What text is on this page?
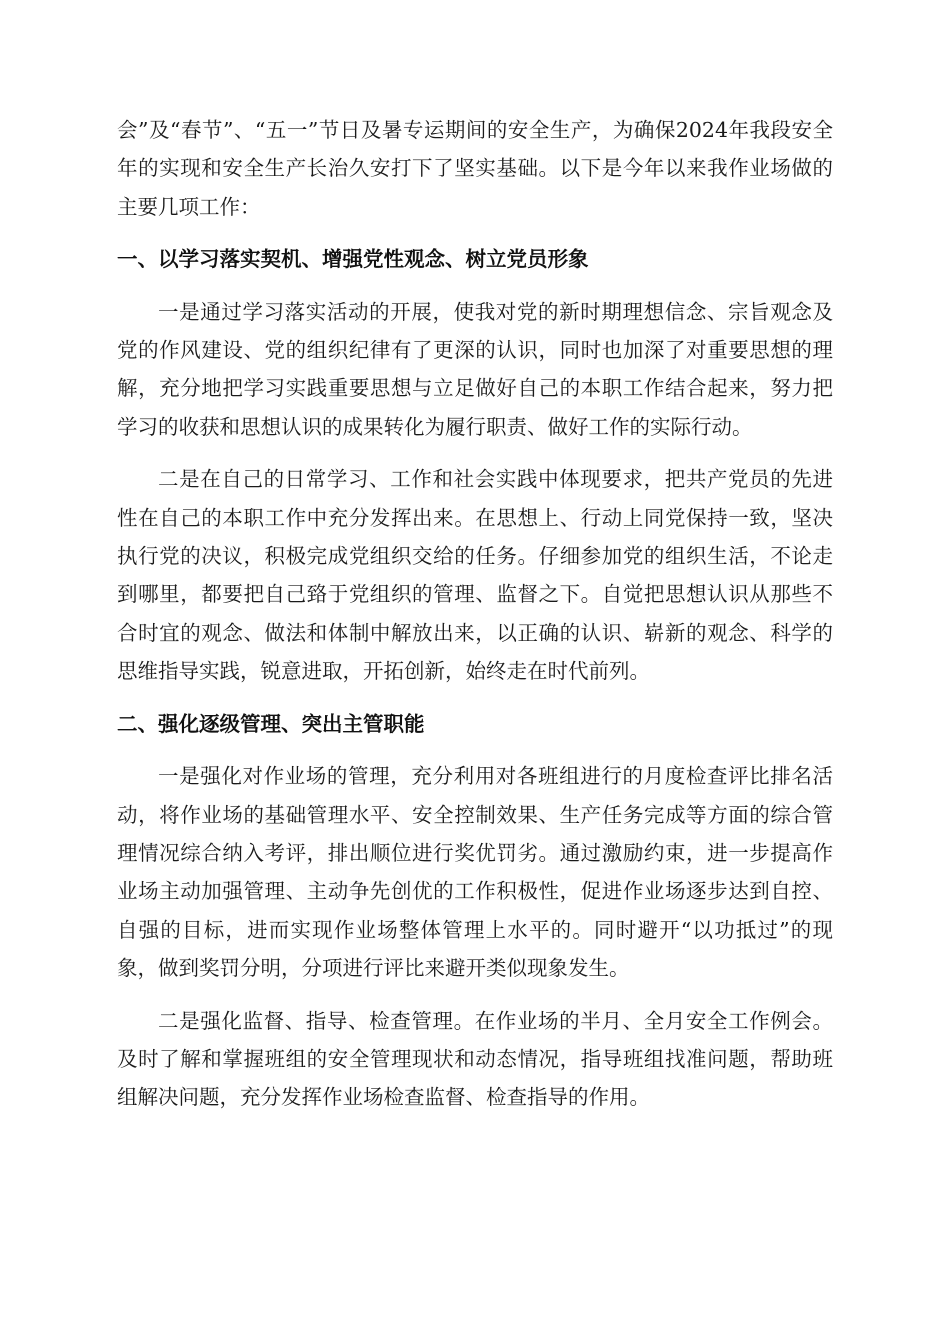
会”及“春节”、“五一”节日及暑专运期间的安全生产，为确保2024年我段安全年的实现和安全生产长治久安打下了坚实基础。以下是今年以来我作业场做的主要几项工作：

一、以学习落实契机、增强党性观念、树立党员形象

一是通过学习落实活动的开展，使我对党的新时期理想信念、宗旨观念及党的作风建设、党的组织纪律有了更深的认识，同时也加深了对重要思想的理解，充分地把学习实践重要思想与立足做好自己的本职工作结合起来，努力把学习的收获和思想认识的成果转化为履行职责、做好工作的实际行动。

二是在自己的日常学习、工作和社会实践中体现要求，把共产党员的先进性在自己的本职工作中充分发挥出来。在思想上、行动上同党保持一致，坚决执行党的决议，积极完成党组织交给的任务。仔细参加党的组织生活，不论走到哪里，都要把自己臵于党组织的管理、监督之下。自觉把思想认识从那些不合时宜的观念、做法和体制中解放出来，以正确的认识、崭新的观念、科学的思维指导实践，锐意进取，开拓创新，始终走在时代前列。

二、强化逐级管理、突出主管职能

一是强化对作业场的管理，充分利用对各班组进行的月度检查评比排名活动，将作业场的基础管理水平、安全控制效果、生产任务完成等方面的综合管理情况综合纳入考评，排出顺位进行奖优罚劣。通过激励约束，进一步提高作业场主动加强管理、主动争先创优的工作积极性，促进作业场逐步达到自控、自强的目标，进而实现作业场整体管理上水平的。同时避开“以功抵过”的现象，做到奖罚分明，分项进行评比来避开类似现象发生。

二是强化监督、指导、检查管理。在作业场的半月、全月安全工作例会。及时了解和掌握班组的安全管理现状和动态情况，指导班组找准问题，帮助班组解决问题，充分发挥作业场检查监督、检查指导的作用。
